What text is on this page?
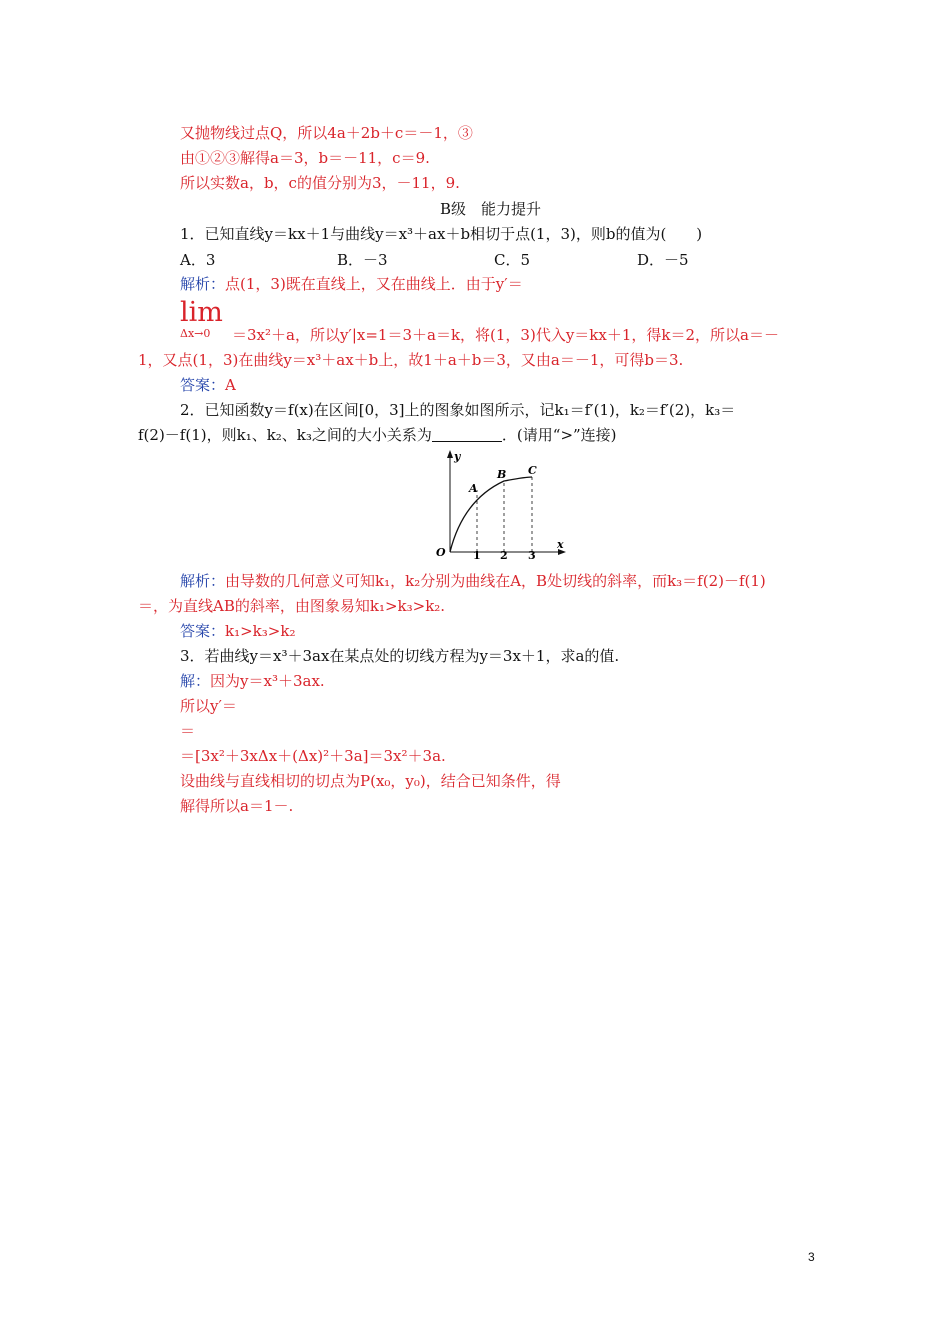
又抛物线过点Q，所以4a＋2b＋c＝－1，③
由①②③解得a＝3，b＝－11，c＝9.
所以实数a，b，c的值分别为3，－11，9.
B级　能力提升
1．已知直线y＝kx＋1与曲线y＝x³＋ax＋b相切于点(1，3)，则b的值为(　　)
A．3	B．－3	C．5	D．－5
解析：点(1，3)既在直线上，又在曲线上．由于y′＝
lim
Δx→0 ＝3x²＋a，所以y′|x=1＝3＋a＝k，将(1，3)代入y＝kx＋1，得k＝2，所以a＝－
1，又点(1，3)在曲线y＝x³＋ax＋b上，故1＋a＋b＝3，又由a＝－1，可得b＝3.
答案：A
2．已知函数y＝f(x)在区间[0，3]上的图象如图所示，记k₁＝f′(1)，k₂＝f′(2)，k₃＝
f(2)－f(1)，则k₁、k₂、k₃之间的大小关系为	．(请用“>”连接)
y
x
O 1 2 3
A
B C
解析：由导数的几何意义可知k₁，k₂分别为曲线在A，B处切线的斜率，而k₃＝f(2)－f(1)
＝，为直线AB的斜率，由图象易知k₁>k₃>k₂.
答案：k₁>k₃>k₂
3．若曲线y＝x³＋3ax在某点处的切线方程为y＝3x＋1，求a的值.
解：因为y＝x³＋3ax.
所以y′＝
＝
＝[3x²＋3xΔx＋(Δx)²＋3a]＝3x²＋3a.
设曲线与直线相切的切点为P(x₀，y₀)，结合已知条件，得
解得所以a＝1－.
3
